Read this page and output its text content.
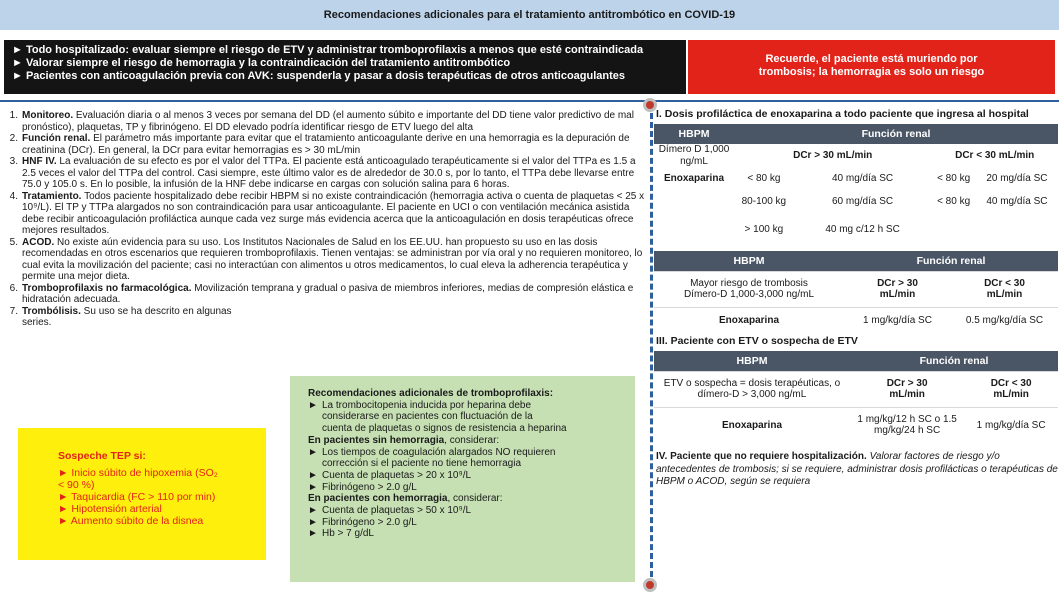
Recomendaciones adicionales para el tratamiento antitrombótico en COVID-19
► Todo hospitalizado: evaluar siempre el riesgo de ETV y administrar tromboprofilaxis a menos que esté contraindicada
► Valorar siempre el riesgo de hemorragia y la contraindicación del tratamiento antitrombótico
► Pacientes con anticoagulación previa con AVK: suspenderla y pasar a dosis terapéuticas de otros anticoagulantes
Recuerde, el paciente está muriendo por
trombosis; la hemorragia es solo un riesgo
1. Monitoreo. Evaluación diaria o al menos 3 veces por semana del DD (el aumento súbito e importante del DD tiene valor predictivo de mal pronóstico), plaquetas, TP y fibrinógeno. El DD elevado podría identificar riesgo de ETV luego del alta
2. Función renal. El parámetro más importante para evitar que el tratamiento anticoagulante derive en una hemorragia es la depuración de creatinina (DCr). En general, la DCr para evitar hemorragias es > 30 mL/min
3. HNF IV. La evaluación de su efecto es por el valor del TTPa. El paciente está anticoagulado terapéuticamente si el valor del TTPa es 1.5 a 2.5 veces el valor del TTPa del control. Casi siempre, este último valor es de alrededor de 30.0 s, por lo tanto, el TTPa debe llevarse entre 75.0 y 105.0 s. En lo posible, la infusión de la HNF debe indicarse en cargas con solución salina para 6 horas.
4. Tratamiento. Todos paciente hospitalizado debe recibir HBPM si no existe contraindicación (hemorragia activa o cuenta de plaquetas < 25 x 10⁹/L). El TP y TTPa alargados no son contraindicación para usar anticoagulante. El paciente en UCI o con ventilación mecánica asistida debe recibir anticoagulación profiláctica aunque cada vez surge más evidencia acerca que la anticoagulación en dosis terapéuticas ofrece mejores resultados.
5. ACOD. No existe aún evidencia para su uso. Los Institutos Nacionales de Salud en los EE.UU. han propuesto su uso en las dosis recomendadas en otros escenarios que requieren tromboprofilaxis. Tienen ventajas: se administran por vía oral y no requieren monitoreo, lo cual evita la movilización del paciente; casi no interactúan con alimentos u otros medicamentos, lo cual eleva la adherencia terapéutica y permite una mejor dieta.
6. Tromboprofilaxis no farmacológica. Movilización temprana y gradual o pasiva de miembros inferiores, medias de compresión elástica e hidratación adecuada.
7. Trombólisis. Su uso se ha descrito en algunas series.
Recomendaciones adicionales de tromboprofilaxis:
► La trombocitopenia inducida por heparina debe
considerarse en pacientes con fluctuación de la
cuenta de plaquetas o signos de resistencia a heparina
En pacientes sin hemorragia, considerar:
► Los tiempos de coagulación alargados NO requieren
corrección si el paciente no tiene hemorragia
► Cuenta de plaquetas > 20 x 10⁹/L
► Fibrinógeno > 2.0 g/L
En pacientes con hemorragia, considerar:
► Cuenta de plaquetas > 50 x 10⁹/L
► Fibrinógeno > 2.0 g/L
► Hb > 7 g/dL
Sospeche TEP si:
► Inicio súbito de hipoxemia (SO₂
< 90 %)
► Taquicardia (FC > 110 por min)
► Hipotensión arterial
► Aumento súbito de la disnea
I. Dosis profiláctica de enoxaparina a todo paciente que ingresa al hospital
HBPM	Función renal			
Dímero D 1,000 ng/mL	DCr > 30 mL/min		DCr < 30 mL/min	
Enoxaparina	< 80 kg	40 mg/día SC	< 80 kg	20 mg/día SC
	80-100 kg	60 mg/día SC	< 80 kg	40 mg/día SC
	> 100 kg	40 mg c/12 h SC		
HBPM	Función renal	
Mayor riesgo de trombosis Dímero-D 1,000-3,000 ng/mL	DCr > 30 mL/min	DCr < 30 mL/min
Enoxaparina	1 mg/kg/día SC	0.5 mg/kg/día SC
III. Paciente con ETV o sospecha de ETV
HBPM	Función renal	
ETV o sospecha = dosis terapéuticas, o dímero-D > 3,000 ng/mL	DCr > 30 mL/min	DCr < 30 mL/min
Enoxaparina	1 mg/kg/12 h SC o 1.5 mg/kg/24 h SC	1 mg/kg/día SC
IV. Paciente que no requiere hospitalización. Valorar factores de riesgo y/o antecedentes de trombosis; si se requiere, administrar dosis profilácticas o terapéuticas de HBPM o ACOD, según se requiera
